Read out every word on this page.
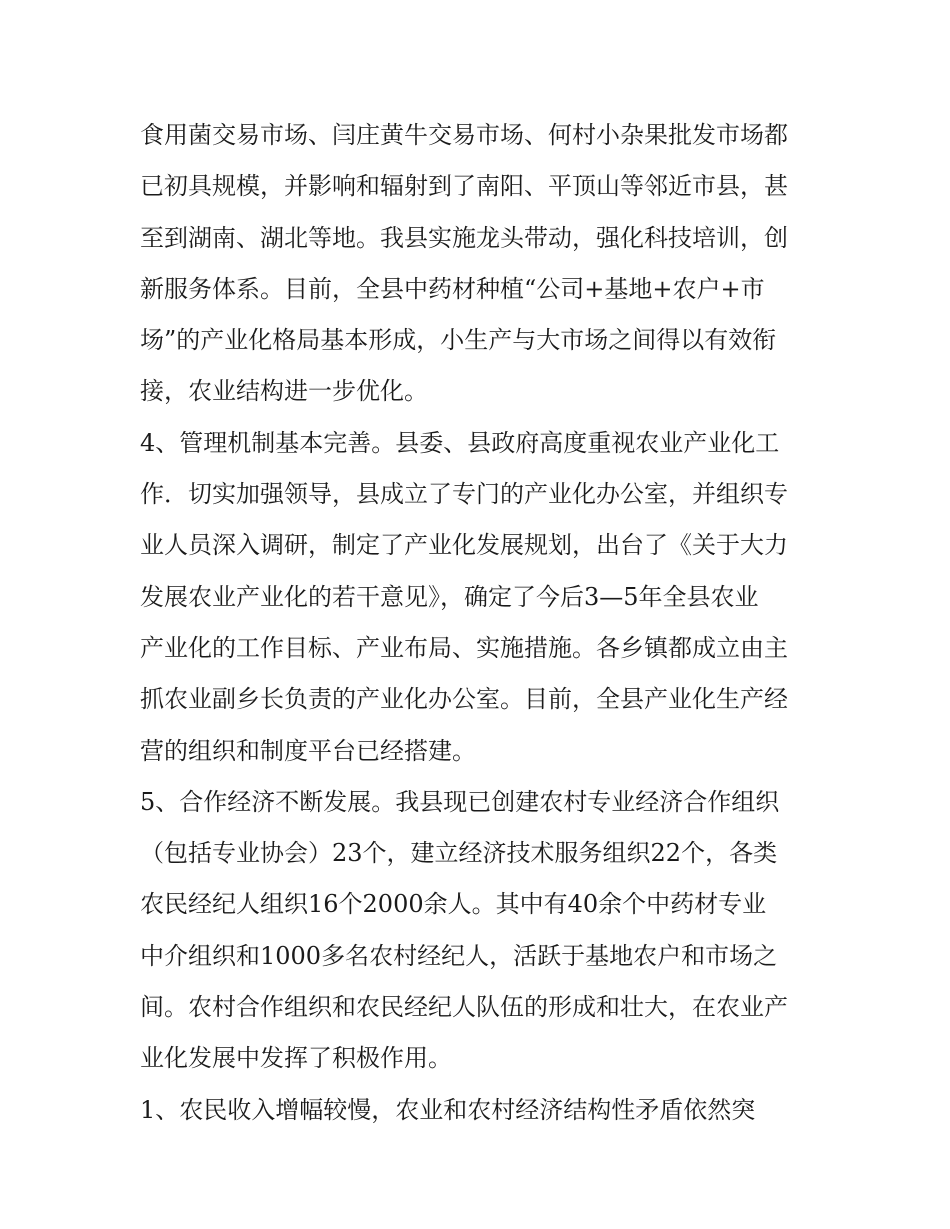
食用菌交易市场、闫庄黄牛交易市场、何村小杂果批发市场都
已初具规模，并影响和辐射到了南阳、平顶山等邻近市县，甚
至到湖南、湖北等地。我县实施龙头带动，强化科技培训，创
新服务体系。目前，全县中药材种植“公司+基地+农户+市
场”的产业化格局基本形成，小生产与大市场之间得以有效衔
接，农业结构进一步优化。
4、管理机制基本完善。县委、县政府高度重视农业产业化工
作．切实加强领导，县成立了专门的产业化办公室，并组织专
业人员深入调研，制定了产业化发展规划，出台了《关于大力
发展农业产业化的若干意见》，确定了今后3—5年全县农业
产业化的工作目标、产业布局、实施措施。各乡镇都成立由主
抓农业副乡长负责的产业化办公室。目前，全县产业化生产经
营的组织和制度平台已经搭建。
5、合作经济不断发展。我县现已创建农村专业经济合作组织
（包括专业协会）23个，建立经济技术服务组织22个，各类
农民经纪人组织16个2000余人。其中有40余个中药材专业
中介组织和1000多名农村经纪人，活跃于基地农户和市场之
间。农村合作组织和农民经纪人队伍的形成和壮大，在农业产
业化发展中发挥了积极作用。
1、农民收入增幅较慢，农业和农村经济结构性矛盾依然突
